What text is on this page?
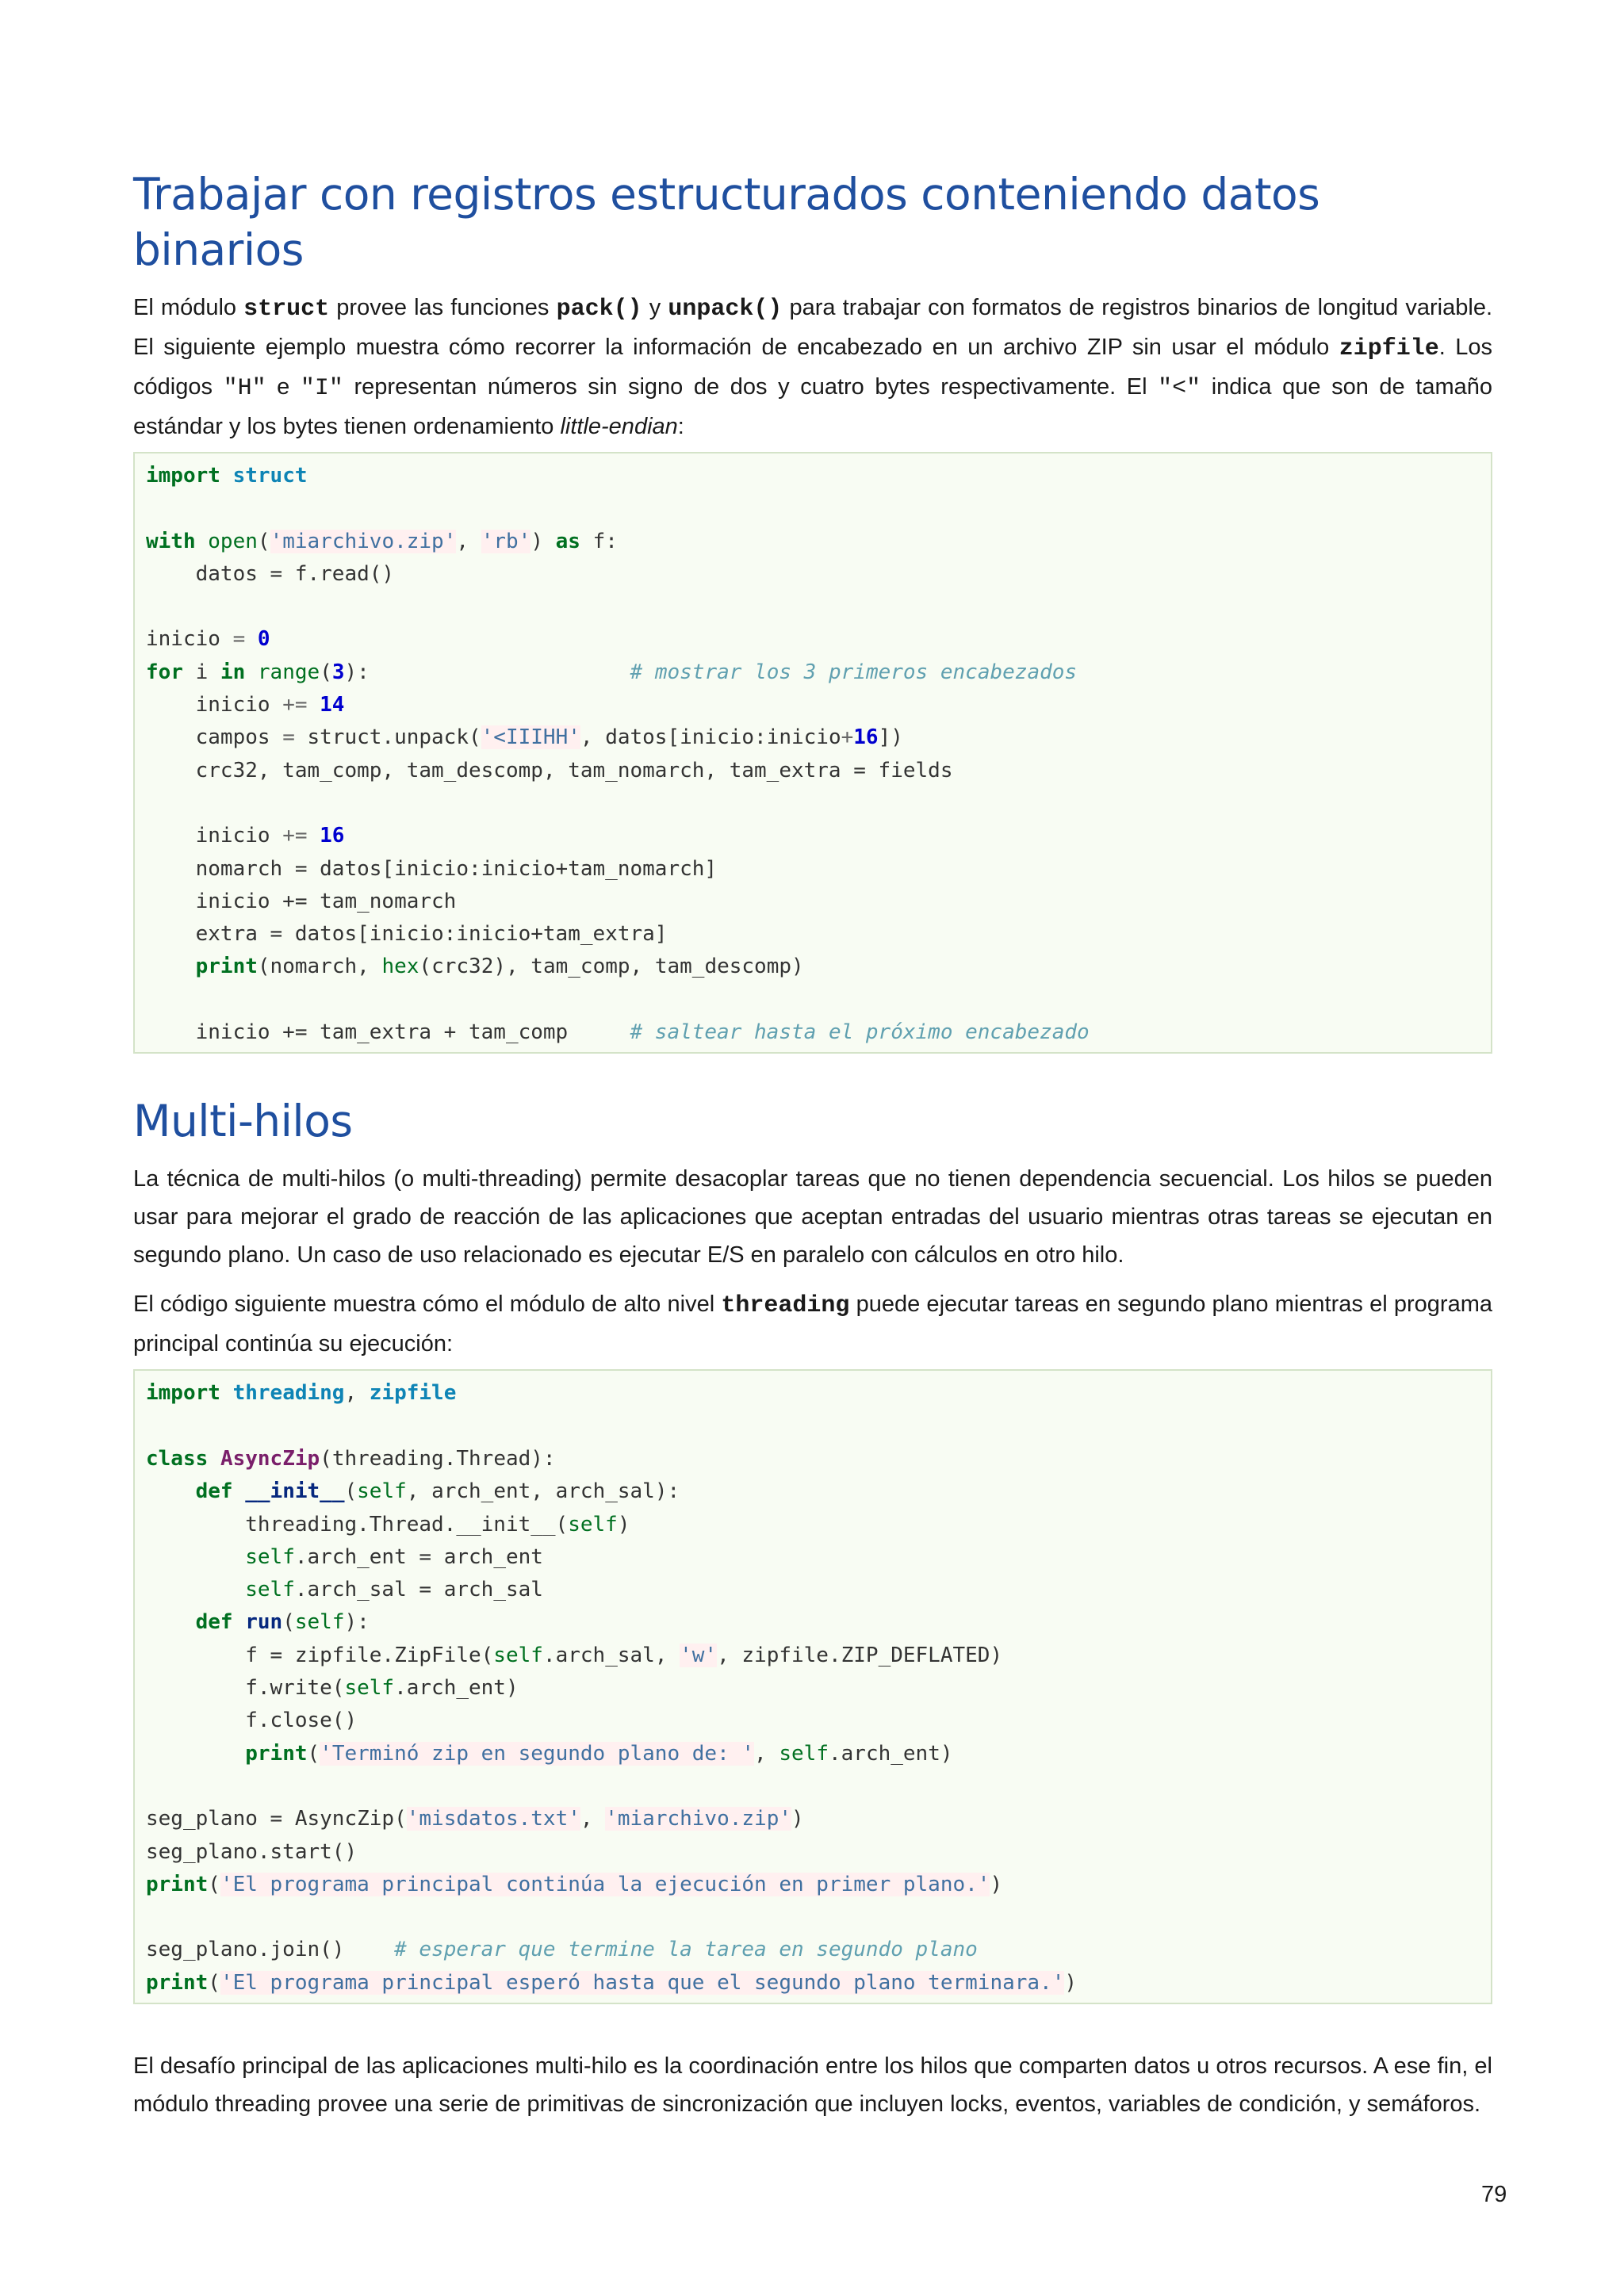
Trabajar con registros estructurados conteniendo datos binarios

El módulo struct provee las funciones pack() y unpack() para trabajar con formatos de registros binarios de longitud variable. El siguiente ejemplo muestra cómo recorrer la información de encabezado en un archivo ZIP sin usar el módulo zipfile. Los códigos "H" e "I" representan números sin signo de dos y cuatro bytes respectivamente. El "<" indica que son de tamaño estándar y los bytes tienen ordenamiento little-endian:

import struct

with open('miarchivo.zip', 'rb') as f:
datos = f.read()

inicio = 0
for i in range(3):                     # mostrar los 3 primeros encabezados
inicio += 14
campos = struct.unpack('<IIIHH', datos[inicio:inicio+16])
crc32, tam_comp, tam_descomp, tam_nomarch, tam_extra = fields

inicio += 16
nomarch = datos[inicio:inicio+tam_nomarch]
inicio += tam_nomarch
extra = datos[inicio:inicio+tam_extra]
print(nomarch, hex(crc32), tam_comp, tam_descomp)

inicio += tam_extra + tam_comp     # saltear hasta el próximo encabezado
Multi-hilos

La técnica de multi-hilos (o multi-threading) permite desacoplar tareas que no tienen dependencia secuencial. Los hilos se pueden usar para mejorar el grado de reacción de las aplicaciones que aceptan entradas del usuario mientras otras tareas se ejecutan en segundo plano. Un caso de uso relacionado es ejecutar E/S en paralelo con cálculos en otro hilo.

El código siguiente muestra cómo el módulo de alto nivel threading puede ejecutar tareas en segundo plano mientras el programa principal continúa su ejecución:

import threading, zipfile

class AsyncZip(threading.Thread):
def __init__(self, arch_ent, arch_sal):
threading.Thread.__init__(self)
self.arch_ent = arch_ent
self.arch_sal = arch_sal
def run(self):
f = zipfile.ZipFile(self.arch_sal, 'w', zipfile.ZIP_DEFLATED)
f.write(self.arch_ent)
f.close()
print('Terminó zip en segundo plano de: ', self.arch_ent)

seg_plano = AsyncZip('misdatos.txt', 'miarchivo.zip')
seg_plano.start()
print('El programa principal continúa la ejecución en primer plano.')

seg_plano.join()    # esperar que termine la tarea en segundo plano
print('El programa principal esperó hasta que el segundo plano terminara.')

El desafío principal de las aplicaciones multi-hilo es la coordinación entre los hilos que comparten datos u otros recursos. A ese fin, el módulo threading provee una serie de primitivas de sincronización que incluyen locks, eventos, variables de condición, y semáforos.

79
